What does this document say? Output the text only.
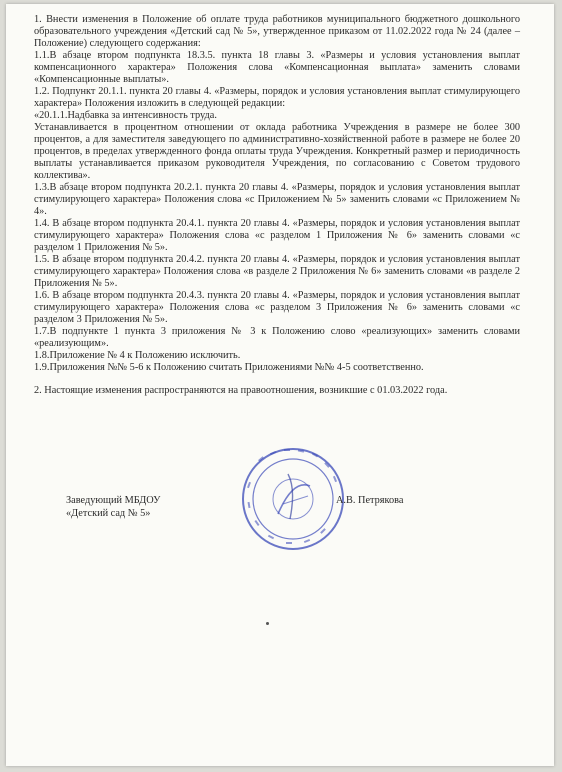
1. Внести изменения в Положение об оплате труда работников муниципального бюджетного дошкольного образовательного учреждения «Детский сад № 5», утвержденное приказом от 11.02.2022 года № 24 (далее – Положение) следующего содержания:

1.1.В абзаце втором подпункта 18.3.5. пункта 18 главы 3. «Размеры и условия установления выплат компенсационного характера» Положения слова «Компенсационная выплата» заменить словами «Компенсационные выплаты».

1.2. Подпункт 20.1.1. пункта 20 главы 4. «Размеры, порядок и условия установления выплат стимулирующего характера» Положения изложить в следующей редакции:

«20.1.1.Надбавка за интенсивность труда.

Устанавливается в процентном отношении от оклада работника Учреждения в размере не более 300 процентов, а для заместителя заведующего по административно-хозяйственной работе в размере не более 20 процентов, в пределах утвержденного фонда оплаты труда Учреждения. Конкретный размер и периодичность выплаты устанавливается приказом руководителя Учреждения, по согласованию с Советом трудового коллектива».

1.3.В абзаце втором подпункта 20.2.1. пункта 20 главы 4. «Размеры, порядок и условия установления выплат стимулирующего характера» Положения слова «с Приложением № 5» заменить словами «с Приложением № 4».

1.4. В абзаце втором подпункта 20.4.1. пункта 20 главы 4. «Размеры, порядок и условия установления выплат стимулирующего характера» Положения слова «с разделом 1 Приложения № 6» заменить словами «с разделом 1 Приложения № 5».

1.5. В абзаце втором подпункта 20.4.2. пункта 20 главы 4. «Размеры, порядок и условия установления выплат стимулирующего характера» Положения слова «в разделе 2 Приложения № 6» заменить словами «в разделе 2 Приложения № 5».

1.6. В абзаце втором подпункта 20.4.3. пункта 20 главы 4. «Размеры, порядок и условия установления выплат стимулирующего характера» Положения слова «с разделом 3 Приложения № 6» заменить словами «с разделом 3 Приложения № 5».

1.7.В подпункте 1 пункта 3 приложения № 3 к Положению слово «реализующих» заменить словами «реализующим».

1.8.Приложение № 4 к Положению исключить.

1.9.Приложения №№ 5-6 к Положению считать Приложениями №№ 4-5 соответственно.

2. Настоящие изменения распространяются на правоотношения, возникшие с 01.03.2022 года.

Заведующий МБДОУ
«Детский сад № 5»
А.В. Петрякова
